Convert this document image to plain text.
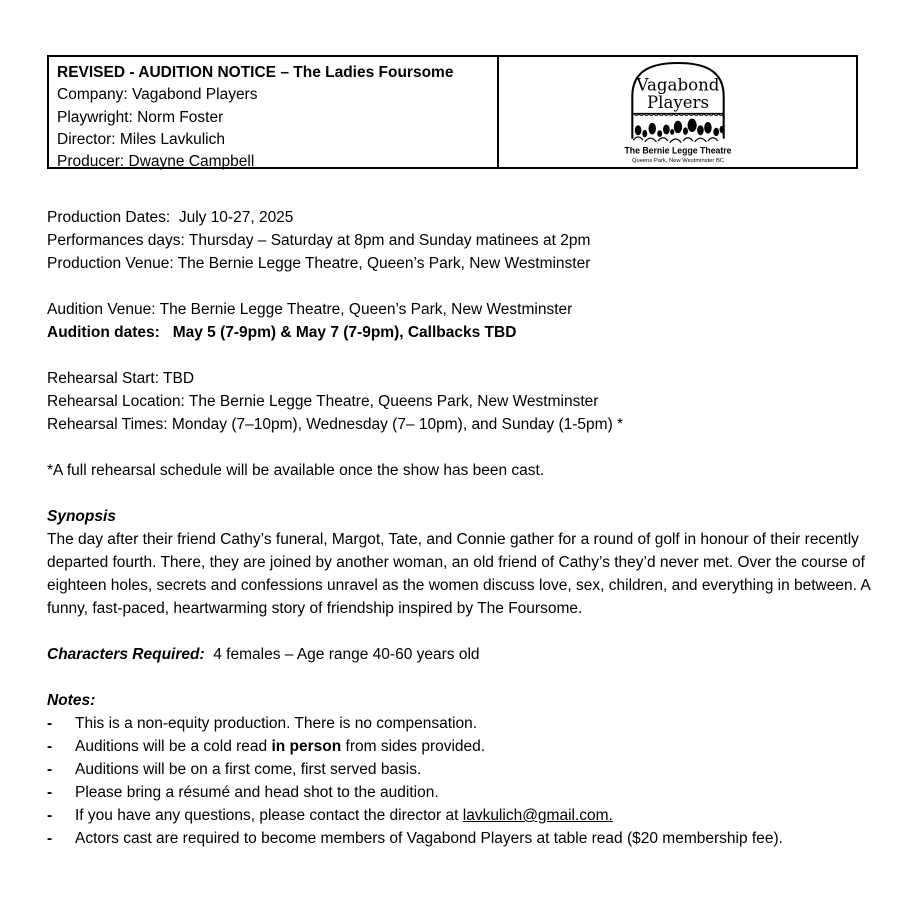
REVISED - AUDITION NOTICE – The Ladies Foursome
Company: Vagabond Players
Playwright: Norm Foster
Director: Miles Lavkulich
Producer: Dwayne Campbell
Vagabond
Players
The Bernie Legge Theatre
Queens Park, New Westminster BC

Production Dates:  July 10-27, 2025
Performances days: Thursday – Saturday at 8pm and Sunday matinees at 2pm
Production Venue: The Bernie Legge Theatre, Queen’s Park, New Westminster

Audition Venue: The Bernie Legge Theatre, Queen’s Park, New Westminster
Audition dates:   May 5 (7-9pm) & May 7 (7-9pm), Callbacks TBD

Rehearsal Start: TBD
Rehearsal Location: The Bernie Legge Theatre, Queens Park, New Westminster
Rehearsal Times: Monday (7–10pm), Wednesday (7– 10pm), and Sunday (1-5pm) *

*A full rehearsal schedule will be available once the show has been cast.

Synopsis
The day after their friend Cathy’s funeral, Margot, Tate, and Connie gather for a round of golf in honour of their recently departed fourth. There, they are joined by another woman, an old friend of Cathy’s they’d never met. Over the course of eighteen holes, secrets and confessions unravel as the women discuss love, sex, children, and everything in between. A funny, fast-paced, heartwarming story of friendship inspired by The Foursome.

Characters Required:  4 females – Age range 40-60 years old

Notes:
-	This is a non-equity production. There is no compensation.
-	Auditions will be a cold read in person from sides provided.
-	Auditions will be on a first come, first served basis.
-	Please bring a résumé and head shot to the audition.
-	If you have any questions, please contact the director at lavkulich@gmail.com.
-	Actors cast are required to become members of Vagabond Players at table read ($20 membership fee).
